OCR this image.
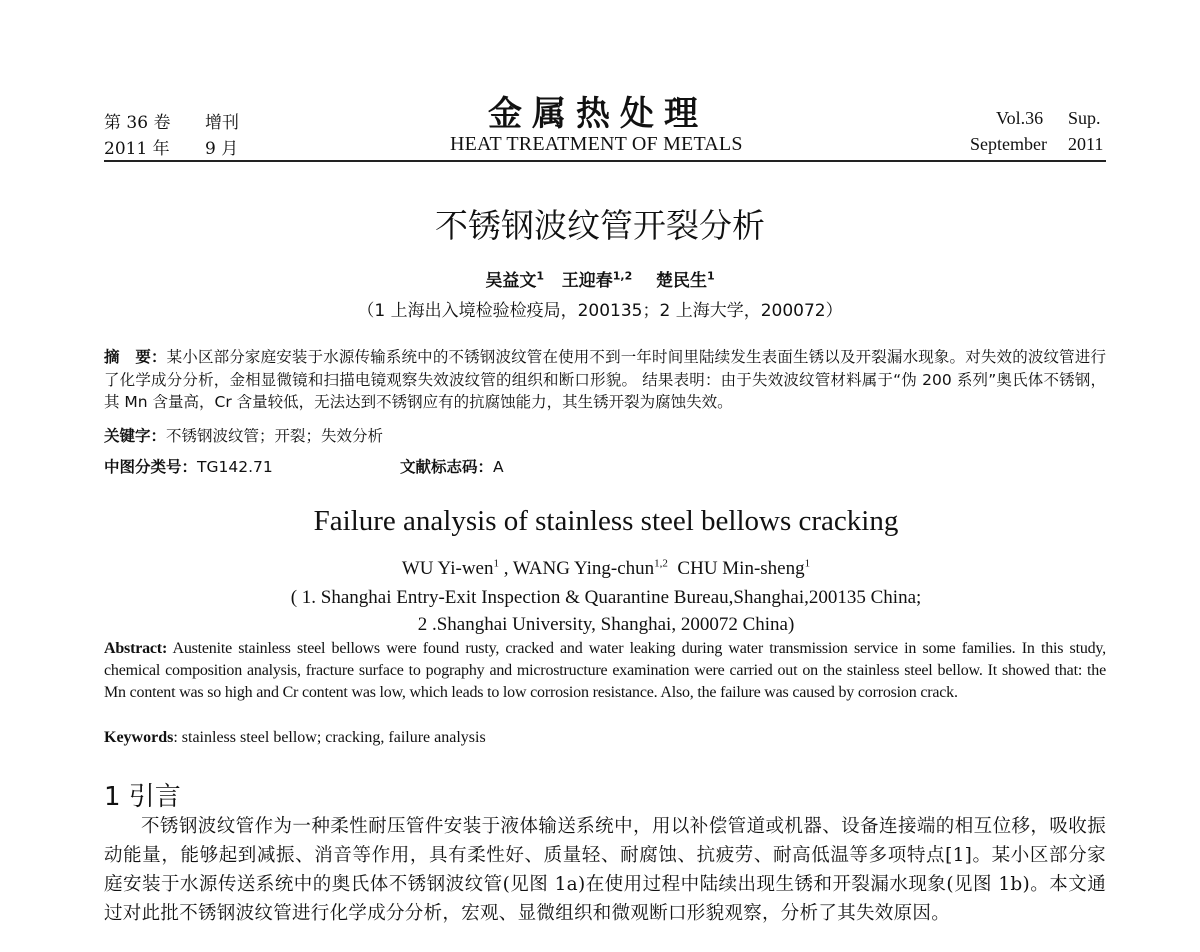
第 36 卷 增刊
2011 年 9 月
金属热处理
HEAT TREATMENT OF METALS
Vol.36 Sup.
September 2011
不锈钢波纹管开裂分析
吴益文$^1$ 王迎春$^{1,2}$ 楚民生$^1$
（1 上海出入境检验检疫局，200135；2 上海大学，200072）
摘　要：某小区部分家庭安装于水源传输系统中的不锈钢波纹管在使用不到一年时间里陆续发生表面生锈以及开裂漏水现象。对失效的波纹管进行了化学成分分析，金相显微镜和扫描电镜观察失效波纹管的组织和断口形貌。 结果表明：由于失效波纹管材料属于“伪 200 系列”奥氏体不锈钢，其 Mn 含量高，Cr 含量较低，无法达到不锈钢应有的抗腐蚀能力，其生锈开裂为腐蚀失效。
关键字：不锈钢波纹管；开裂；失效分析
中图分类号：TG142.71	文献标志码：A
Failure analysis of stainless steel bellows cracking
WU Yi-wen$^1$ , WANG Ying-chun$^{1,2}$ CHU Min-sheng$^1$
( 1. Shanghai Entry-Exit Inspection & Quarantine Bureau,Shanghai,200135 China;
2 .Shanghai University, Shanghai, 200072 China)
Abstract: Austenite stainless steel bellows were found rusty, cracked and water leaking during water transmission service in some families. In this study, chemical composition analysis, fracture surface to pography and microstructure examination were carried out on the stainless steel bellow. It showed that: the Mn content was so high and Cr content was low, which leads to low corrosion resistance. Also, the failure was caused by corrosion crack.
Keywords: stainless steel bellow; cracking, failure analysis
1 引言
不锈钢波纹管作为一种柔性耐压管件安装于液体输送系统中，用以补偿管道或机器、设备连接端的相互位移，吸收振动能量，能够起到减振、消音等作用，具有柔性好、质量轻、耐腐蚀、抗疲劳、耐高低温等多项特点[1]。某小区部分家庭安装于水源传送系统中的奥氏体不锈钢波纹管(见图 1a)在使用过程中陆续出现生锈和开裂漏水现象(见图 1b)。本文通过对此批不锈钢波纹管进行化学成分分析，宏观、显微组织和微观断口形貌观察，分析了其失效原因。
